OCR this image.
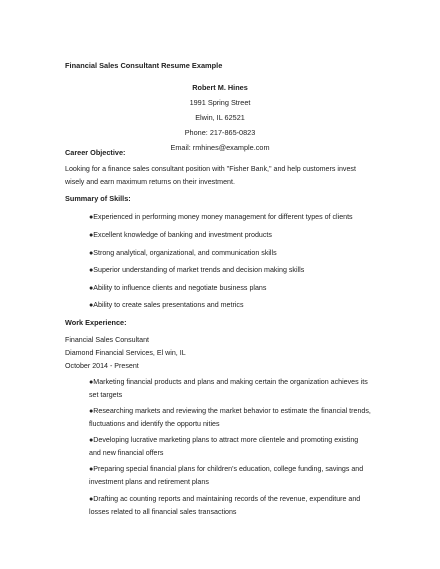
Financial Sales Consultant Resume Example
Robert M. Hines
1991 Spring Street
Elwin, IL 62521
Phone: 217-865-0823
Email: rmhines@example.com
Career Objective:
Looking for a finance sales consultant position with "Fisher Bank," and help customers invest
wisely and earn maximum returns on their investment.
Summary of Skills:
●Experienced in performing money money management for different types of clients
●Excellent knowledge of banking and investment products
●Strong analytical, organizational, and communication skills
●Superior understanding of market trends and decision making skills
●Ability to influence clients and negotiate business plans
●Ability to create sales presentations and metrics
Work Experience:
Financial Sales Consultant
Diamond Financial Services, El win, IL
October 2014 - Present
●Marketing financial products and plans and making certain the organization achieves its
set targets
●Researching markets and reviewing the market behavior to estimate the financial trends,
fluctuations and identify the opportu nities
●Developing lucrative marketing plans to attract more clientele and promoting existing
and new financial offers
●Preparing special financial plans for children's education, college funding, savings and
investment plans and retirement plans
●Drafting ac counting reports and maintaining records of the revenue, expenditure and
losses related to all financial sales transactions
